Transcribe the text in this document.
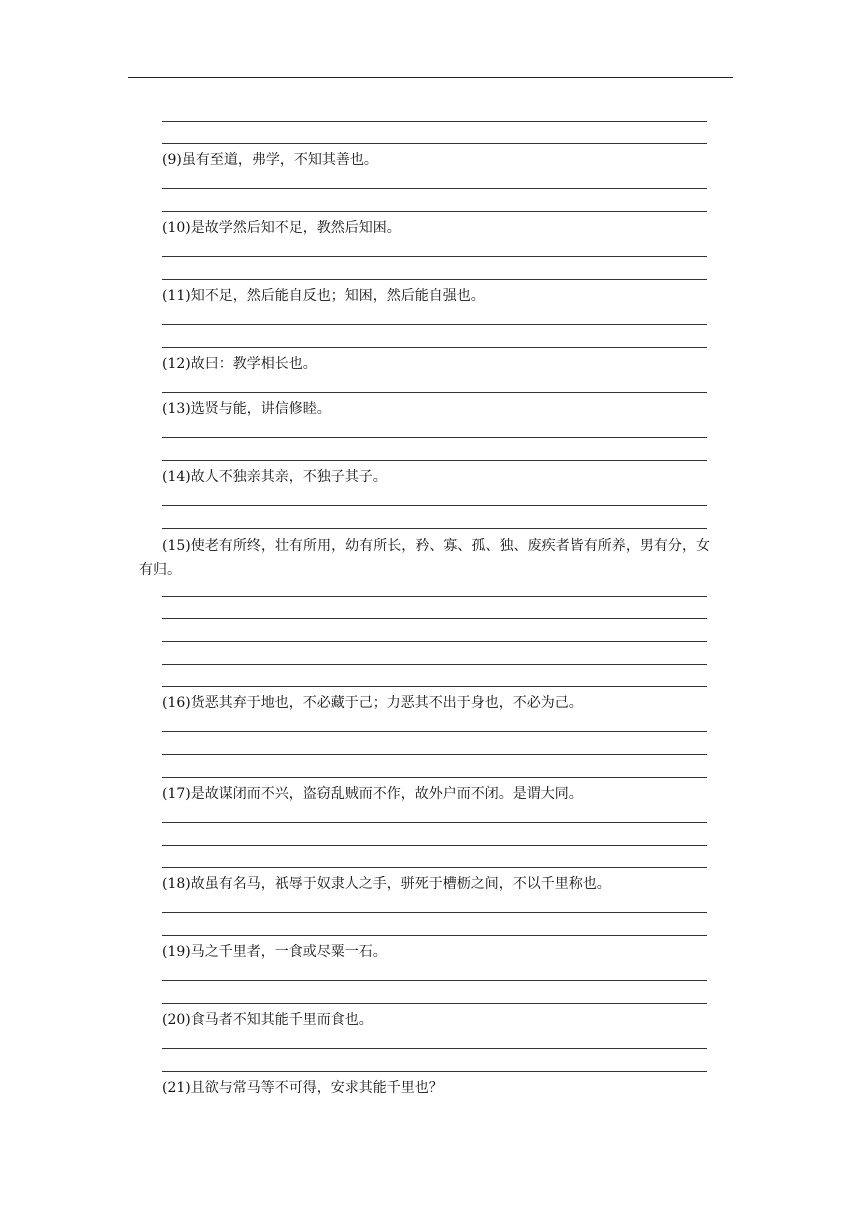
(9)虽有至道，弗学，不知其善也。
(10)是故学然后知不足，教然后知困。
(11)知不足，然后能自反也；知困，然后能自强也。
(12)故曰：教学相长也。
(13)选贤与能，讲信修睦。
(14)故人不独亲其亲，不独子其子。
(15)使老有所终，壮有所用，幼有所长，矜、寡、孤、独、废疾者皆有所养，男有分，女有归。
(16)货恶其弃于地也，不必藏于己；力恶其不出于身也，不必为己。
(17)是故谋闭而不兴，盗窃乱贼而不作，故外户而不闭。是谓大同。
(18)故虽有名马，祇辱于奴隶人之手，骈死于槽枥之间，不以千里称也。
(19)马之千里者，一食或尽粟一石。
(20)食马者不知其能千里而食也。
(21)且欲与常马等不可得，安求其能千里也？
